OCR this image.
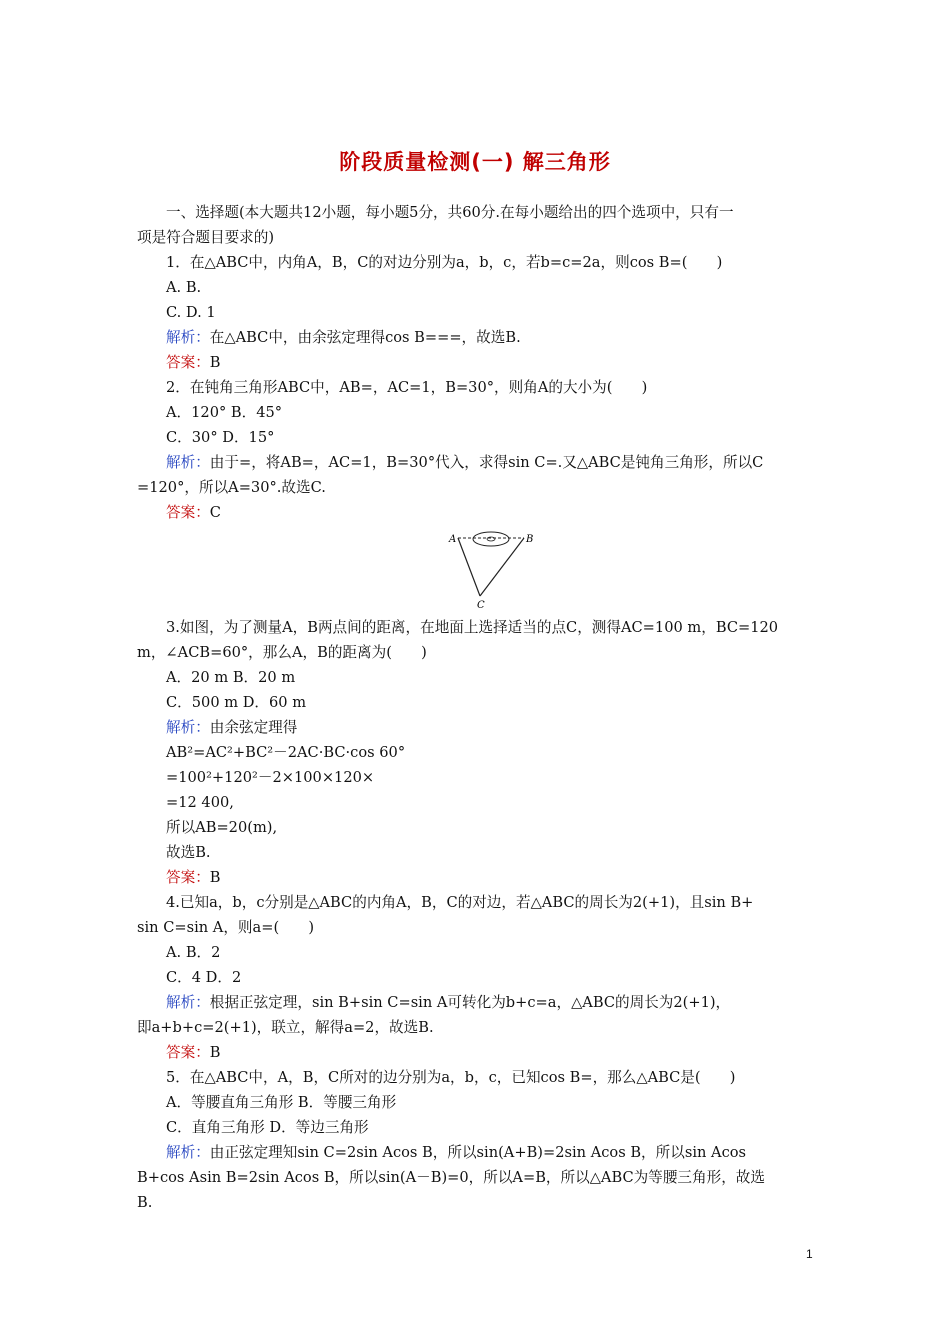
阶段质量检测(一) 解三角形
一、选择题(本大题共12小题，每小题5分，共60分.在每小题给出的四个选项中，只有一
项是符合题目要求的)
1．在△ABC中，内角A，B，C的对边分别为a，b，c，若b=c=2a，则cos B=(　　)
A. B.
C. D. 1
解析：在△ABC中，由余弦定理得cos B===，故选B.
答案：B
2．在钝角三角形ABC中，AB=，AC=1，B=30°，则角A的大小为(　　)
A．120° B．45°
C．30° D．15°
解析：由于=，将AB=，AC=1，B=30°代入，求得sin C=.又△ABC是钝角三角形，所以C
=120°，所以A=30°.故选C.
答案：C
3.如图，为了测量A，B两点间的距离，在地面上选择适当的点C，测得AC=100 m，BC=120
m，∠ACB=60°，那么A，B的距离为(　　)
A．20 m B．20 m
C．500 m D．60 m
解析：由余弦定理得
AB²=AC²+BC²－2AC·BC·cos 60°
=100²+120²－2×100×120×
=12 400,
所以AB=20(m),
故选B.
答案：B
4.已知a，b，c分别是△ABC的内角A，B，C的对边，若△ABC的周长为2(+1)，且sin B+
sin C=sin A，则a=(　　)
A. B．2
C．4 D．2
解析：根据正弦定理，sin B+sin C=sin A可转化为b+c=a，△ABC的周长为2(+1)，
即a+b+c=2(+1)，联立，解得a=2，故选B.
答案：B
5．在△ABC中，A，B，C所对的边分别为a，b，c，已知cos B=，那么△ABC是(　　)
A．等腰直角三角形 B．等腰三角形
C．直角三角形 D．等边三角形
解析：由正弦定理知sin C=2sin Acos B，所以sin(A+B)=2sin Acos B，所以sin Acos
B+cos Asin B=2sin Acos B，所以sin(A－B)=0，所以A=B，所以△ABC为等腰三角形，故选
B.
A	B
C
1
